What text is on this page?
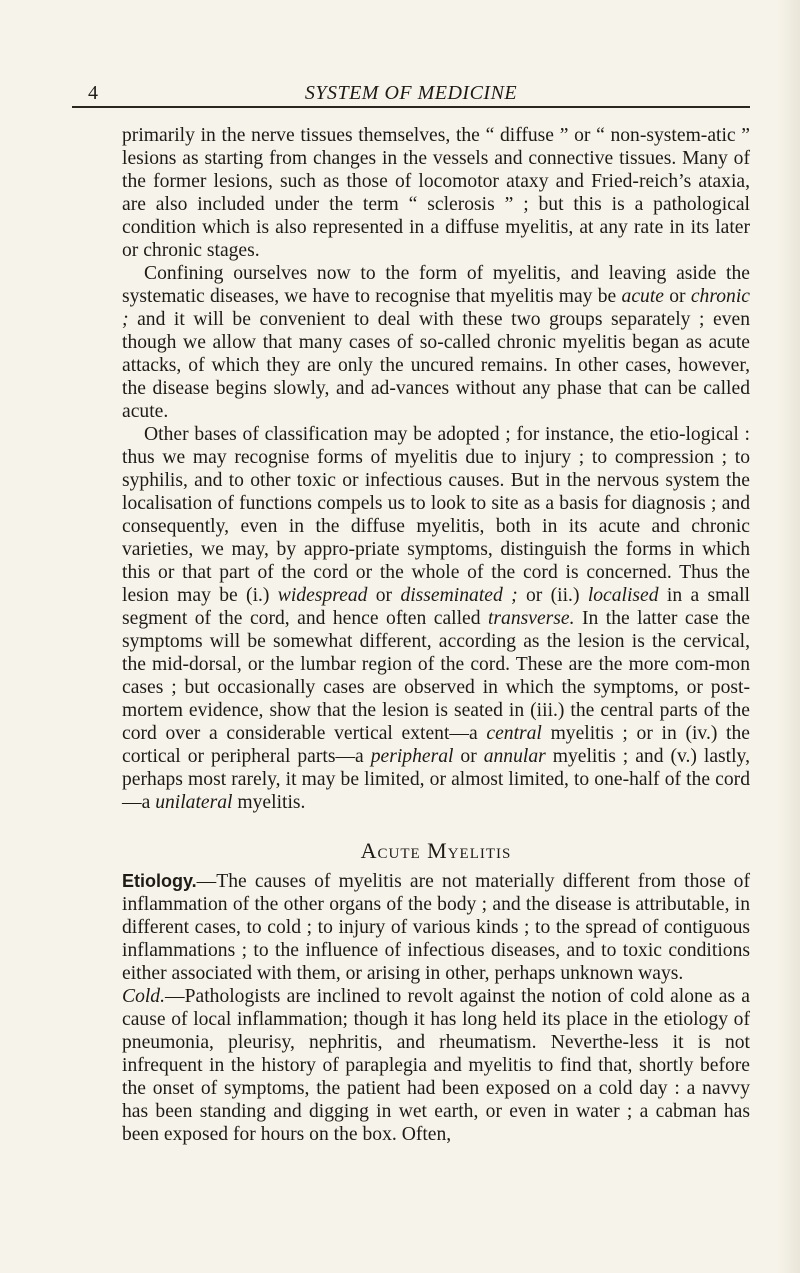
4	SYSTEM OF MEDICINE

primarily in the nerve tissues themselves, the “ diffuse ” or “ non-system-atic ” lesions as starting from changes in the vessels and connective tissues. Many of the former lesions, such as those of locomotor ataxy and Fried-reich’s ataxia, are also included under the term “ sclerosis ” ; but this is a pathological condition which is also represented in a diffuse myelitis, at any rate in its later or chronic stages.

Confining ourselves now to the form of myelitis, and leaving aside the systematic diseases, we have to recognise that myelitis may be acute or chronic ; and it will be convenient to deal with these two groups separately ; even though we allow that many cases of so-called chronic myelitis began as acute attacks, of which they are only the uncured remains. In other cases, however, the disease begins slowly, and ad-vances without any phase that can be called acute.

Other bases of classification may be adopted ; for instance, the etio-logical : thus we may recognise forms of myelitis due to injury ; to compression ; to syphilis, and to other toxic or infectious causes. But in the nervous system the localisation of functions compels us to look to site as a basis for diagnosis ; and consequently, even in the diffuse myelitis, both in its acute and chronic varieties, we may, by appro-priate symptoms, distinguish the forms in which this or that part of the cord or the whole of the cord is concerned. Thus the lesion may be (i.) widespread or disseminated ; or (ii.) localised in a small segment of the cord, and hence often called transverse. In the latter case the symptoms will be somewhat different, according as the lesion is the cervical, the mid-dorsal, or the lumbar region of the cord. These are the more com-mon cases ; but occasionally cases are observed in which the symptoms, or post-mortem evidence, show that the lesion is seated in (iii.) the central parts of the cord over a considerable vertical extent—a central myelitis ; or in (iv.) the cortical or peripheral parts—a peripheral or annular myelitis ; and (v.) lastly, perhaps most rarely, it may be limited, or almost limited, to one-half of the cord—a unilateral myelitis.

Acute Myelitis

Etiology.—The causes of myelitis are not materially different from those of inflammation of the other organs of the body ; and the disease is attributable, in different cases, to cold ; to injury of various kinds ; to the spread of contiguous inflammations ; to the influence of infectious diseases, and to toxic conditions either associated with them, or arising in other, perhaps unknown ways.

Cold.—Pathologists are inclined to revolt against the notion of cold alone as a cause of local inflammation; though it has long held its place in the etiology of pneumonia, pleurisy, nephritis, and rheumatism. Neverthe-less it is not infrequent in the history of paraplegia and myelitis to find that, shortly before the onset of symptoms, the patient had been exposed on a cold day : a navvy has been standing and digging in wet earth, or even in water ; a cabman has been exposed for hours on the box. Often,
